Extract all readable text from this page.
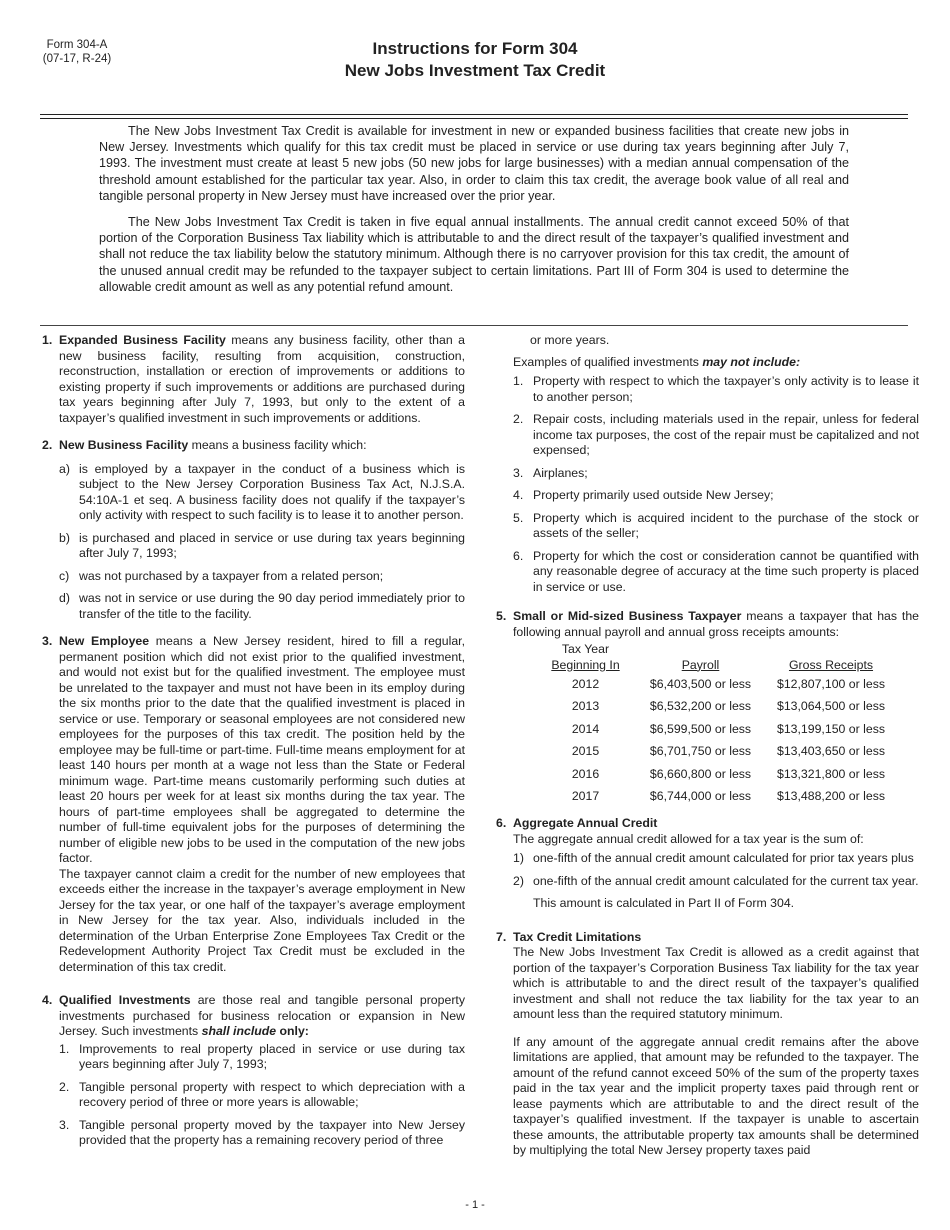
Form 304-A
(07-17, R-24)
Instructions for Form 304
New Jobs Investment Tax Credit

The New Jobs Investment Tax Credit is available for investment in new or expanded business facilities that create new jobs in New Jersey. Investments which qualify for this tax credit must be placed in service or use during tax years beginning after July 7, 1993. The investment must create at least 5 new jobs (50 new jobs for large businesses) with a median annual compensation of the threshold amount established for the particular tax year. Also, in order to claim this tax credit, the average book value of all real and tangible personal property in New Jersey must have increased over the prior year.

The New Jobs Investment Tax Credit is taken in five equal annual installments. The annual credit cannot exceed 50% of that portion of the Corporation Business Tax liability which is attributable to and the direct result of the taxpayer’s qualified investment and shall not reduce the tax liability below the statutory minimum. Although there is no carryover provision for this tax credit, the amount of the unused annual credit may be refunded to the taxpayer subject to certain limitations. Part III of Form 304 is used to determine the allowable credit amount as well as any potential refund amount.

1. Expanded Business Facility means any business facility, other than a new business facility, resulting from acquisition, construction, reconstruction, installation or erection of improvements or additions to existing property if such improvements or additions are purchased during tax years beginning after July 7, 1993, but only to the extent of a taxpayer’s qualified investment in such improvements or additions.

2. New Business Facility means a business facility which:

a) is employed by a taxpayer in the conduct of a business which is subject to the New Jersey Corporation Business Tax Act, N.J.S.A. 54:10A-1 et seq. A business facility does not qualify if the taxpayer’s only activity with respect to such facility is to lease it to another person.
b) is purchased and placed in service or use during tax years beginning after July 7, 1993;
c) was not purchased by a taxpayer from a related person;
d) was not in service or use during the 90 day period immediately prior to transfer of the title to the facility.
3. New Employee means a New Jersey resident, hired to fill a regular, permanent position which did not exist prior to the qualified investment, and would not exist but for the qualified investment. The employee must be unrelated to the taxpayer and must not have been in its employ during the six months prior to the date that the qualified investment is placed in service or use. Temporary or seasonal employees are not considered new employees for the purposes of this tax credit. The position held by the employee may be full-time or part-time. Full-time means employment for at least 140 hours per month at a wage not less than the State or Federal minimum wage. Part-time means customarily performing such duties at least 20 hours per week for at least six months during the tax year. The hours of part-time employees shall be aggregated to determine the number of full-time equivalent jobs for the purposes of determining the number of eligible new jobs to be used in the computation of the new jobs factor.

The taxpayer cannot claim a credit for the number of new employees that exceeds either the increase in the taxpayer’s average employment in New Jersey for the tax year, or one half of the taxpayer’s average employment in New Jersey for the tax year. Also, individuals included in the determination of the Urban Enterprise Zone Employees Tax Credit or the Redevelopment Authority Project Tax Credit must be excluded in the determination of this tax credit.

4. Qualified Investments are those real and tangible personal property investments purchased for business relocation or expansion in New Jersey. Such investments shall include only:

1. Improvements to real property placed in service or use during tax years beginning after July 7, 1993;
2. Tangible personal property with respect to which depreciation with a recovery period of three or more years is allowable;
3. Tangible personal property moved by the taxpayer into New Jersey provided that the property has a remaining recovery period of three
or more years.
Examples of qualified investments may not include:
1. Property with respect to which the taxpayer’s only activity is to lease it to another person;
2. Repair costs, including materials used in the repair, unless for federal income tax purposes, the cost of the repair must be capitalized and not expensed;
3. Airplanes;
4. Property primarily used outside New Jersey;
5. Property which is acquired incident to the purchase of the stock or assets of the seller;
6. Property for which the cost or consideration cannot be quantified with any reasonable degree of accuracy at the time such property is placed in service or use.
5. Small or Mid-sized Business Taxpayer means a taxpayer that has the following annual payroll and annual gross receipts amounts:

Tax Year
Beginning In	Payroll	Gross Receipts
2012	$6,403,500 or less	$12,807,100 or less
2013	$6,532,200 or less	$13,064,500 or less
2014	$6,599,500 or less	$13,199,150 or less
2015	$6,701,750 or less	$13,403,650 or less
2016	$6,660,800 or less	$13,321,800 or less
2017	$6,744,000 or less	$13,488,200 or less
6. Aggregate Annual Credit

The aggregate annual credit allowed for a tax year is the sum of:

1) one-fifth of the annual credit amount calculated for prior tax years plus
2) one-fifth of the annual credit amount calculated for the current tax year.

This amount is calculated in Part II of Form 304.

7. Tax Credit Limitations

The New Jobs Investment Tax Credit is allowed as a credit against that portion of the taxpayer’s Corporation Business Tax liability for the tax year which is attributable to and the direct result of the taxpayer’s qualified investment and shall not reduce the tax liability for the tax year to an amount less than the required statutory minimum.

If any amount of the aggregate annual credit remains after the above limitations are applied, that amount may be refunded to the taxpayer. The amount of the refund cannot exceed 50% of the sum of the property taxes paid in the tax year and the implicit property taxes paid through rent or lease payments which are attributable to and the direct result of the taxpayer’s qualified investment. If the taxpayer is unable to ascertain these amounts, the attributable property tax amounts shall be determined by multiplying the total New Jersey property taxes paid

- 1 -
